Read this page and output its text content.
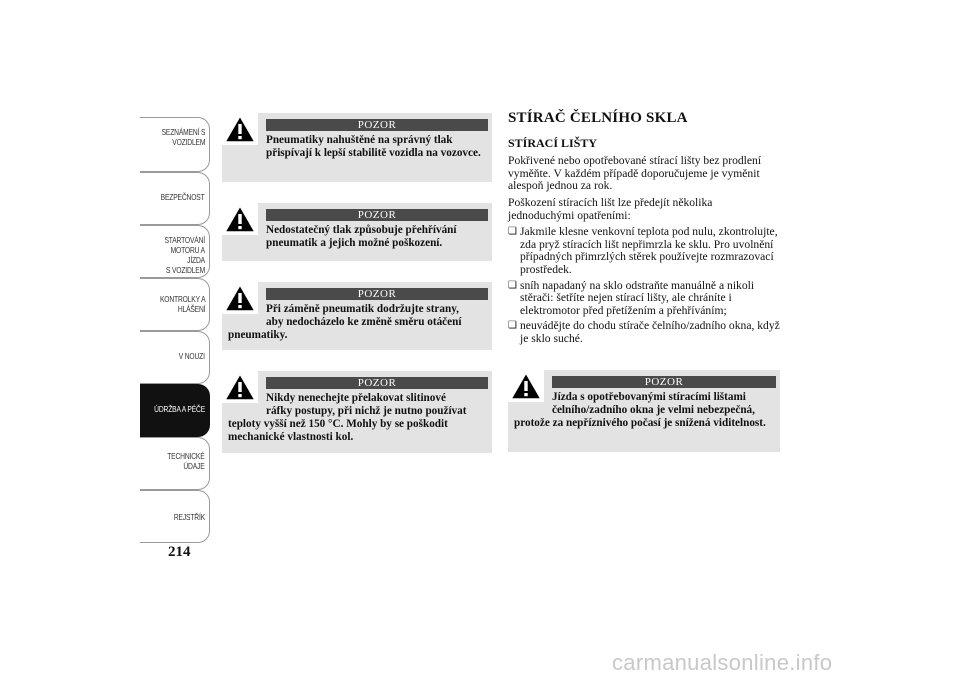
SEZNÁMENÍ S
VOZIDLEM
BEZPEČNOST
STARTOVÁNÍ
MOTORU A JÍZDA
S VOZIDLEM
KONTROLKY A
HLÁŠENÍ
V NOUZI
ÚDRŽBA A PÉČE
TECHNICKÉ
ÚDAJE
REJSTŘÍK
214
POZOR
Pneumatiky nahuštěné na správný tlak
přispívají k lepší stabilitě vozidla na vozovce.
POZOR
Nedostatečný tlak způsobuje přehřívání
pneumatik a jejich možné poškození.
POZOR
Při záměně pneumatik dodržujte strany,
aby nedocházelo ke změně směru otáčení pneumatiky.
POZOR
Nikdy nenechejte přelakovat slitinové
ráfky postupy, při nichž je nutno používat teploty vyšší než 150 °C. Mohly by se poškodit mechanické vlastnosti kol.
STÍRAČ ČELNÍHO SKLA
STÍRACÍ LIŠTY

Pokřivené nebo opotřebované stírací lišty bez prodlení vyměňte. V každém případě doporučujeme je vyměnit alespoň jednou za rok.

Poškození stíracích lišt lze předejít několika jednoduchými opatřeními:

❏ Jakmile klesne venkovní teplota pod nulu, zkontrolujte, zda pryž stíracích lišt nepřimrzla ke sklu. Pro uvolnění případných přimrzlých stěrek používejte rozmrazovací prostředek.
❏ sníh napadaný na sklo odstraňte manuálně a nikoli stěrači: šetříte nejen stírací lišty, ale chráníte i elektromotor před přetížením a přehříváním;
❏ neuvádějte do chodu stírače čelního/zadního okna, když je sklo suché.
POZOR
Jízda s opotřebovanými stíracími lištami
čelního/zadního okna je velmi nebezpečná, protože za nepříznivého počasí je snížená viditelnost.
carmanualsonline.info
